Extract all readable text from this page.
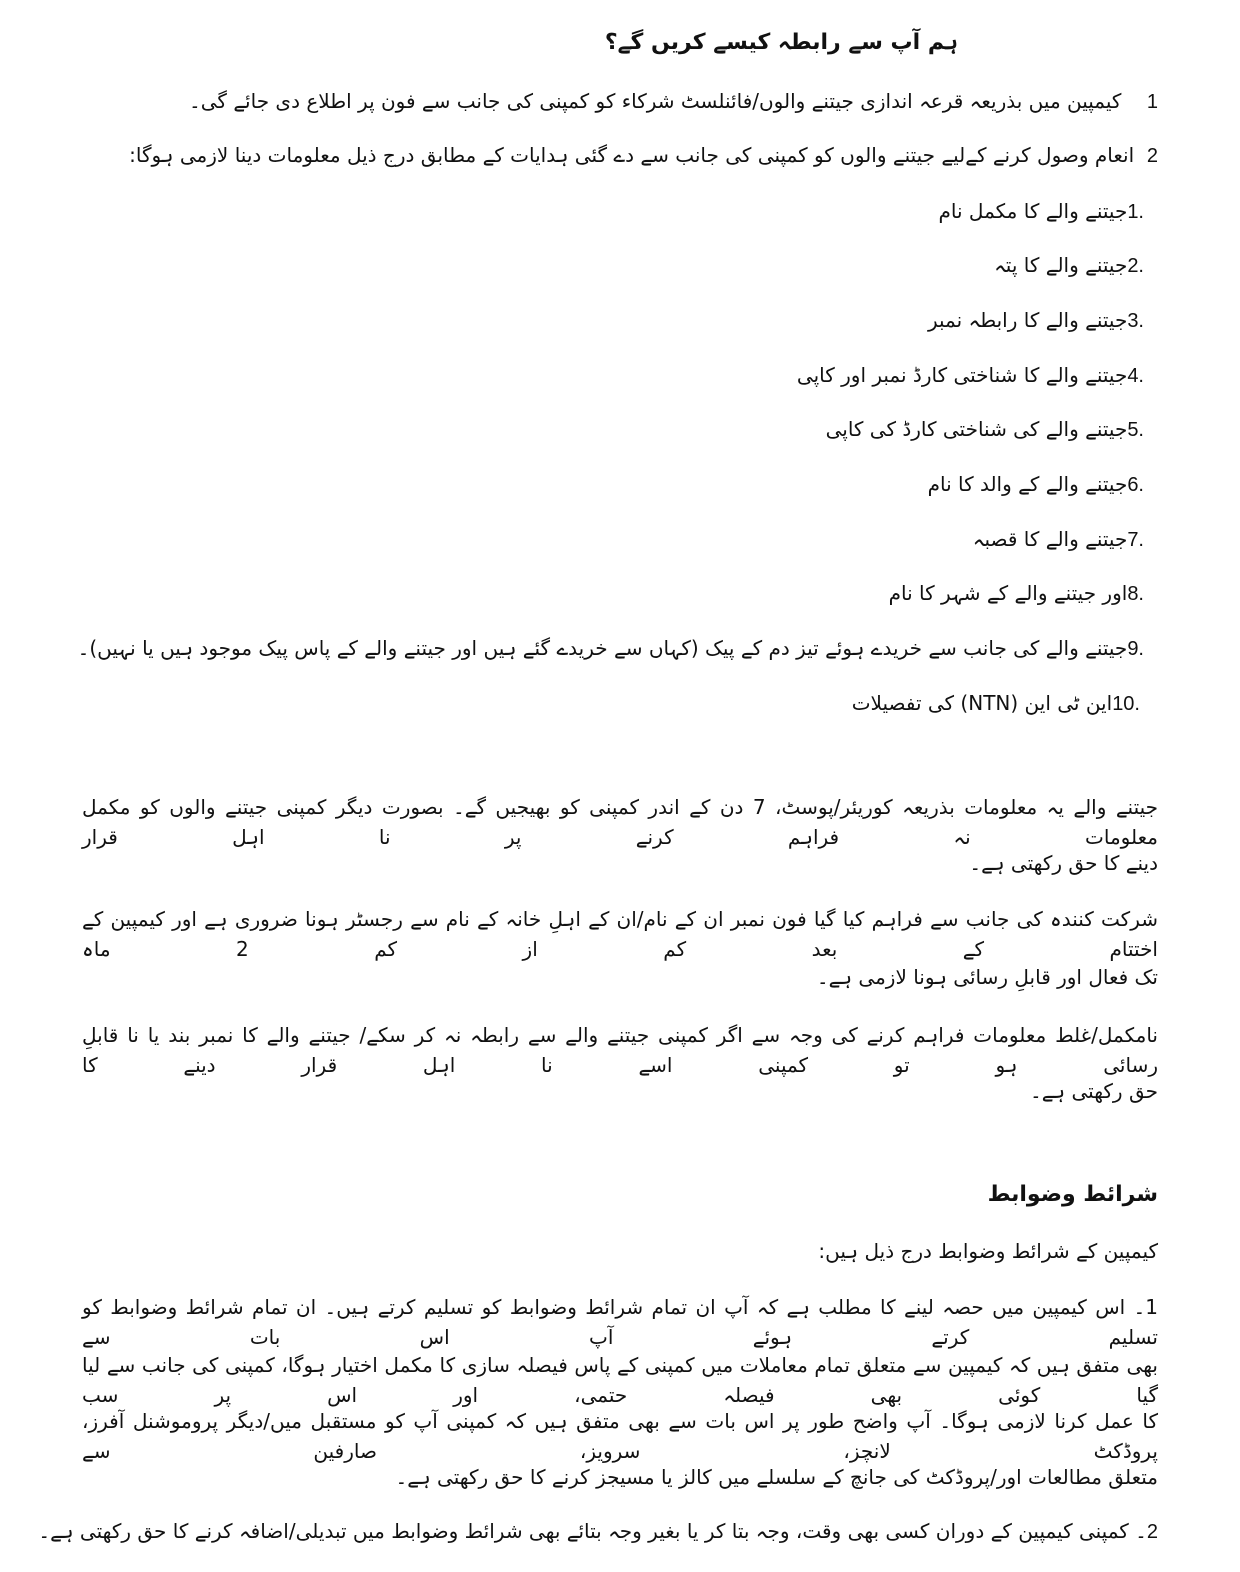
ہم آپ سے رابطہ کیسے کریں گے؟
1    کیمپین میں بذریعہ قرعہ اندازی جیتنے والوں/فائنلسٹ شرکاء کو کمپنی کی جانب سے فون پر اطلاع دی جائے گی۔
2  انعام وصول کرنے کےلیے جیتنے والوں کو کمپنی کی جانب سے دے گئی ہدایات کے مطابق درج ذیل معلومات دینا لازمی ہوگا:
1.جیتنے والے کا مکمل نام
2.جیتنے والے کا پتہ
3.جیتنے والے کا رابطہ نمبر
4.جیتنے والے کا شناختی کارڈ نمبر اور کاپی
5.جیتنے والے کی شناختی کارڈ کی کاپی
6.جیتنے والے کے والد کا نام
7.جیتنے والے کا قصبہ
8.اور جیتنے والے کے شہر کا نام
9.جیتنے والے کی جانب سے خریدے ہوئے تیز دم کے پیک (کہاں سے خریدے گئے ہیں اور جیتنے والے کے پاس پیک موجود ہیں یا نہیں)۔
10.این ٹی این (NTN) کی تفصیلات
جیتنے والے یہ معلومات بذریعہ کوریئر/پوسٹ، 7 دن کے اندر کمپنی کو بھیجیں گے۔ بصورت دیگر کمپنی جیتنے والوں کو مکمل معلومات نہ فراہم کرنے پر نا اہل قرار
دینے کا حق رکھتی ہے۔
شرکت کنندہ کی جانب سے فراہم کیا گیا فون نمبر ان کے نام/ان کے اہلِ خانہ کے نام سے رجسٹر ہونا ضروری ہے اور کیمپین کے اختتام کے بعد کم از کم 2 ماہ
تک فعال اور قابلِ رسائی ہونا لازمی ہے۔
نامکمل/غلط معلومات فراہم کرنے کی وجہ سے اگر کمپنی جیتنے والے سے رابطہ نہ کر سکے/ جیتنے والے کا نمبر بند یا نا قابلِ رسائی ہو تو کمپنی اسے نا اہل قرار دینے کا
حق رکھتی ہے۔
شرائط وضوابط
کیمپین کے شرائط وضوابط درج ذیل ہیں:
1۔ اس کیمپین میں حصہ لینے کا مطلب ہے کہ آپ ان تمام شرائط وضوابط کو تسلیم کرتے ہیں۔ ان تمام شرائط وضوابط کو تسلیم کرتے ہوئے آپ اس بات سے
بھی متفق ہیں کہ کیمپین سے متعلق تمام معاملات میں کمپنی کے پاس فیصلہ سازی کا مکمل اختیار ہوگا، کمپنی کی جانب سے لیا گیا کوئی بھی فیصلہ حتمی، اور اس پر سب
کا عمل کرنا لازمی ہوگا۔ آپ واضح طور پر اس بات سے بھی متفق ہیں کہ کمپنی آپ کو مستقبل میں/دیگر پروموشنل آفرز، پروڈکٹ لانچز، سرویز، صارفین سے
متعلق مطالعات اور/پروڈکٹ کی جانچ کے سلسلے میں کالز یا مسیجز کرنے کا حق رکھتی ہے۔
2۔ کمپنی کیمپین کے دوران کسی بھی وقت، وجہ بتا کر یا بغیر وجہ بتائے بھی شرائط وضوابط میں تبدیلی/اضافہ کرنے کا حق رکھتی ہے۔
